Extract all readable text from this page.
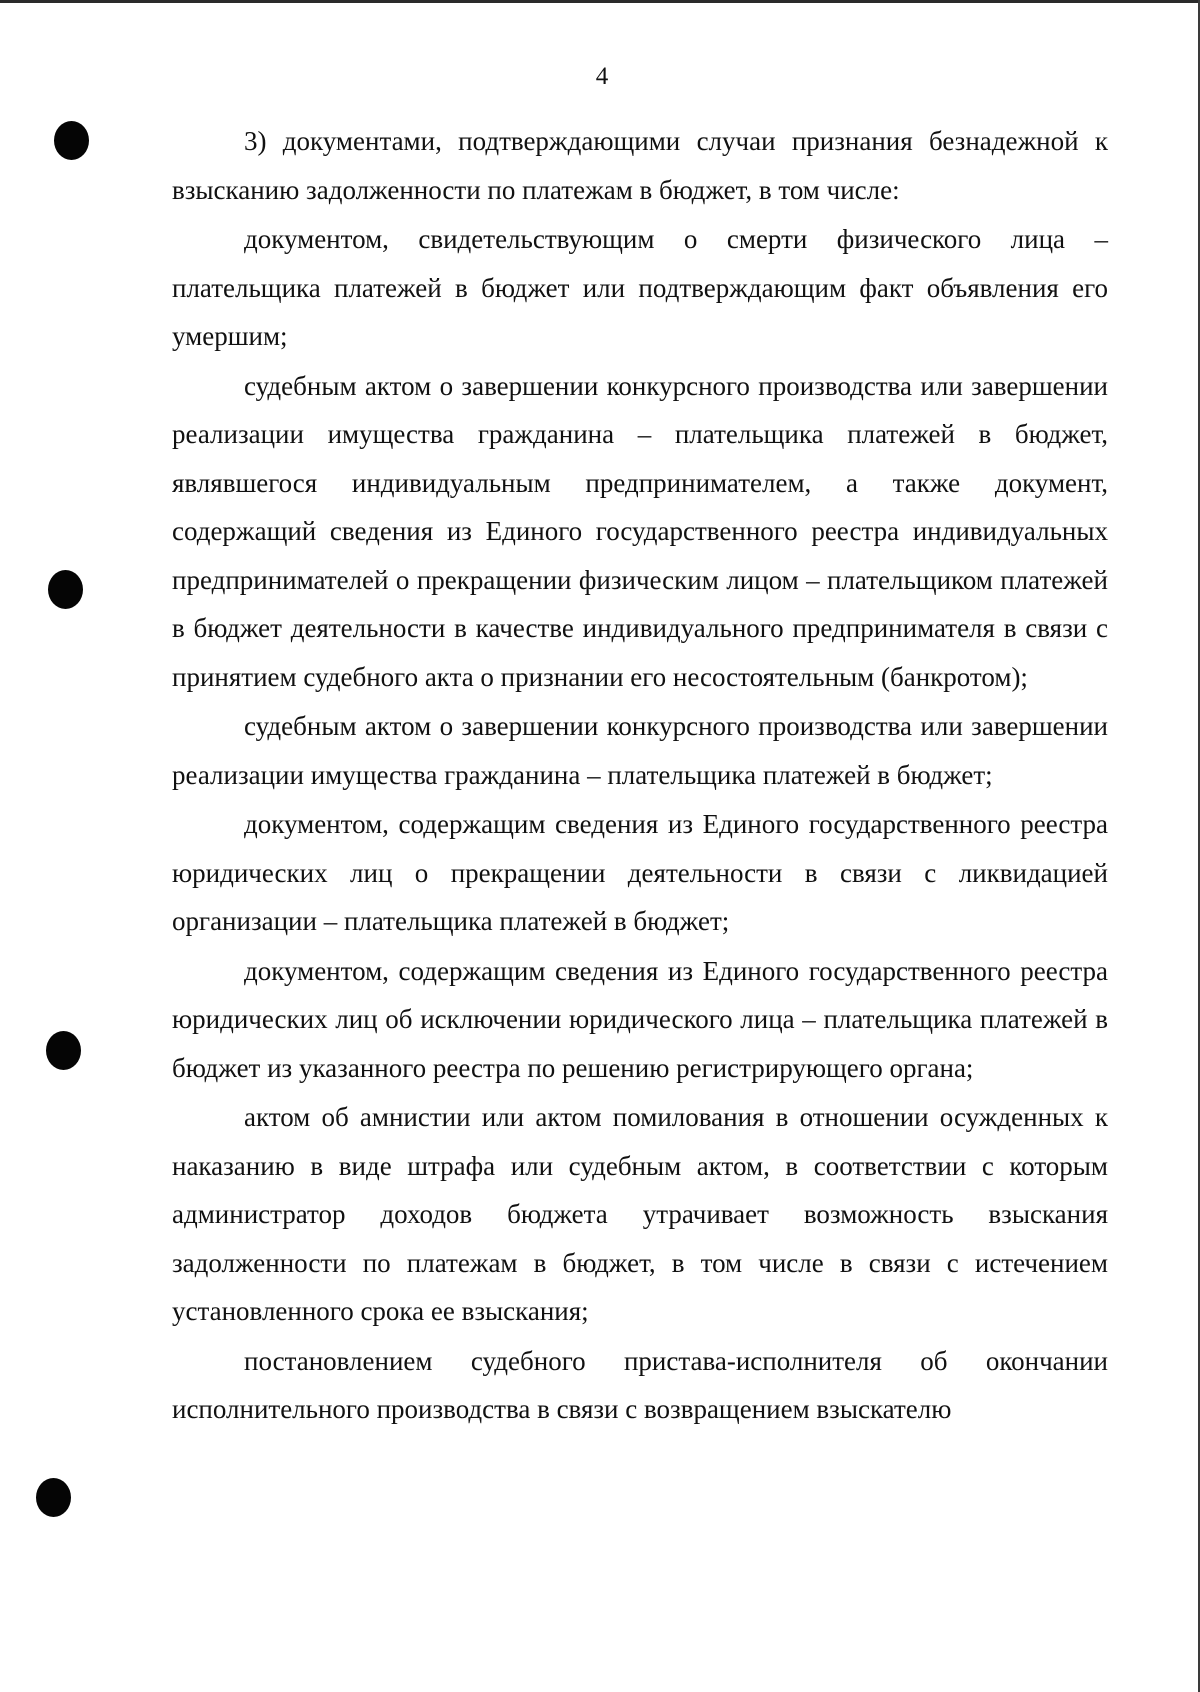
4

3) документами, подтверждающими случаи признания безнадежной к взысканию задолженности по платежам в бюджет, в том числе:

документом, свидетельствующим о смерти физического лица – плательщика платежей в бюджет или подтверждающим факт объявления его умершим;

судебным актом о завершении конкурсного производства или завершении реализации имущества гражданина – плательщика платежей в бюджет, являвшегося индивидуальным предпринимателем, а также документ, содержащий сведения из Единого государственного реестра индивидуальных предпринимателей о прекращении физическим лицом – плательщиком платежей в бюджет деятельности в качестве индивидуального предпринимателя в связи с принятием судебного акта о признании его несостоятельным (банкротом);

судебным актом о завершении конкурсного производства или завершении реализации имущества гражданина – плательщика платежей в бюджет;

документом, содержащим сведения из Единого государственного реестра юридических лиц о прекращении деятельности в связи с ликвидацией организации – плательщика платежей в бюджет;

документом, содержащим сведения из Единого государственного реестра юридических лиц об исключении юридического лица – плательщика платежей в бюджет из указанного реестра по решению регистрирующего органа;

актом об амнистии или актом помилования в отношении осужденных к наказанию в виде штрафа или судебным актом, в соответствии с которым администратор доходов бюджета утрачивает возможность взыскания задолженности по платежам в бюджет, в том числе в связи с истечением установленного срока ее взыскания;

постановлением судебного пристава-исполнителя об окончании исполнительного производства в связи с возвращением взыскателю
